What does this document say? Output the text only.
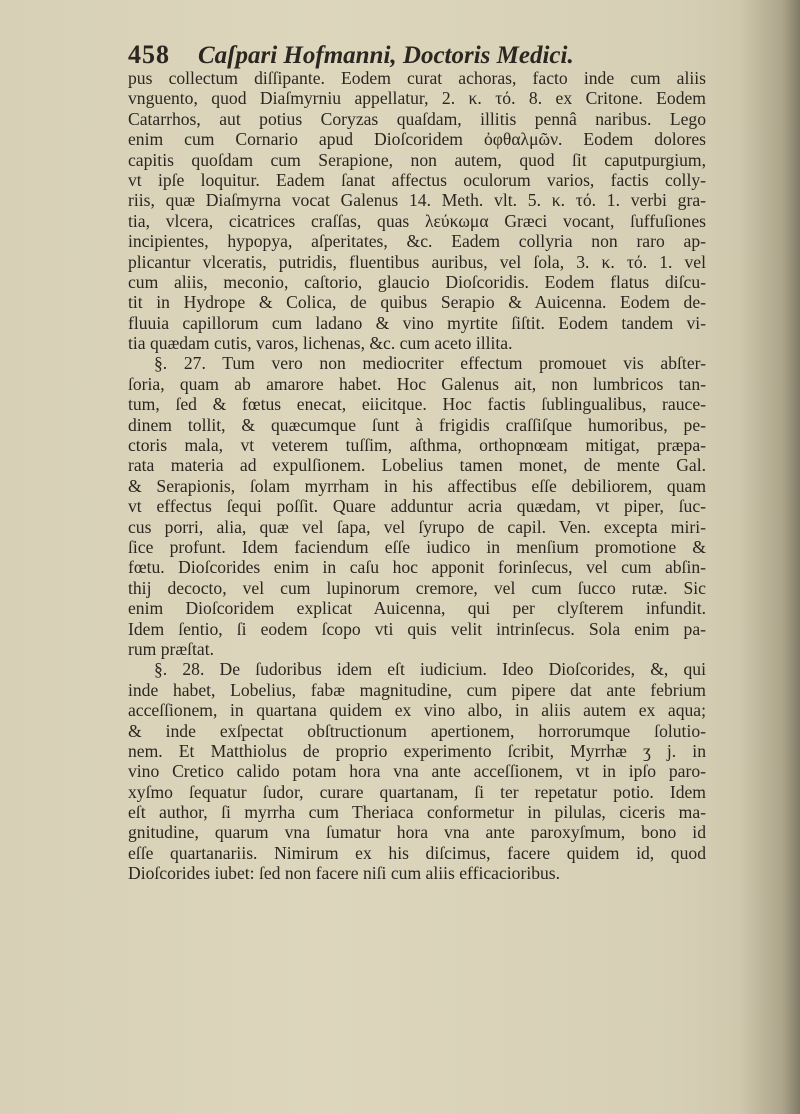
458 Caſpari Hofmanni, Doctoris Medici.
pus collectum diſſipante. Eodem curat achoras, facto inde cum aliis
vnguento, quod Diaſmyrniu appellatur, 2. κ. τό. 8. ex Critone. Eodem
Catarrhos, aut potius Coryzas quaſdam, illitis pennâ naribus. Lego
enim cum Cornario apud Dioſcoridem ὀφθαλμῶν. Eodem dolores
capitis quoſdam cum Serapione, non autem, quod ſit caputpurgium,
vt ipſe loquitur. Eadem ſanat affectus oculorum varios, factis colly-
riis, quæ Diaſmyrna vocat Galenus 14. Meth. vlt. 5. κ. τό. 1. verbi gra-
tia, vlcera, cicatrices craſſas, quas λεύκωμα Græci vocant, ſuffuſiones
incipientes, hypopya, aſperitates, &c. Eadem collyria non raro ap-
plicantur vlceratis, putridis, fluentibus auribus, vel ſola, 3. κ. τό. 1. vel
cum aliis, meconio, caſtorio, glaucio Dioſcoridis. Eodem flatus diſcu-
tit in Hydrope & Colica, de quibus Serapio & Auicenna. Eodem de-
fluuia capillorum cum ladano & vino myrtite ſiſtit. Eodem tandem vi-
tia quædam cutis, varos, lichenas, &c. cum aceto illita.
§. 27. Tum vero non mediocriter effectum promouet vis abſter-
ſoria, quam ab amarore habet. Hoc Galenus ait, non lumbricos tan-
tum, ſed & fœtus enecat, eiicitque. Hoc factis ſublingualibus, rauce-
dinem tollit, & quæcumque ſunt à frigidis craſſiſque humoribus, pe-
ctoris mala, vt veterem tuſſim, aſthma, orthopnœam mitigat, præpa-
rata materia ad expulſionem. Lobelius tamen monet, de mente Gal.
& Serapionis, ſolam myrrham in his affectibus eſſe debiliorem, quam
vt effectus ſequi poſſit. Quare adduntur acria quædam, vt piper, ſuc-
cus porri, alia, quæ vel ſapa, vel ſyrupo de capil. Ven. excepta miri-
ſice profunt. Idem faciendum eſſe iudico in menſium promotione &
fœtu. Dioſcorides enim in caſu hoc apponit forinſecus, vel cum abſin-
thij decocto, vel cum lupinorum cremore, vel cum ſucco rutæ. Sic
enim Dioſcoridem explicat Auicenna, qui per clyſterem infundit.
Idem ſentio, ſi eodem ſcopo vti quis velit intrinſecus. Sola enim pa-
rum præſtat.
§. 28. De ſudoribus idem eſt iudicium. Ideo Dioſcorides, &, qui
inde habet, Lobelius, fabæ magnitudine, cum pipere dat ante febrium
acceſſionem, in quartana quidem ex vino albo, in aliis autem ex aqua;
& inde exſpectat obſtructionum apertionem, horrorumque ſolutio-
nem. Et Matthiolus de proprio experimento ſcribit, Myrrhæ ʒ j. in
vino Cretico calido potam hora vna ante acceſſionem, vt in ipſo paro-
xyſmo ſequatur ſudor, curare quartanam, ſi ter repetatur potio. Idem
eſt author, ſi myrrha cum Theriaca conformetur in pilulas, ciceris ma-
gnitudine, quarum vna ſumatur hora vna ante paroxyſmum, bono id
eſſe quartanariis. Nimirum ex his diſcimus, facere quidem id, quod
Dioſcorides iubet: ſed non facere niſi cum aliis efficacioribus.
